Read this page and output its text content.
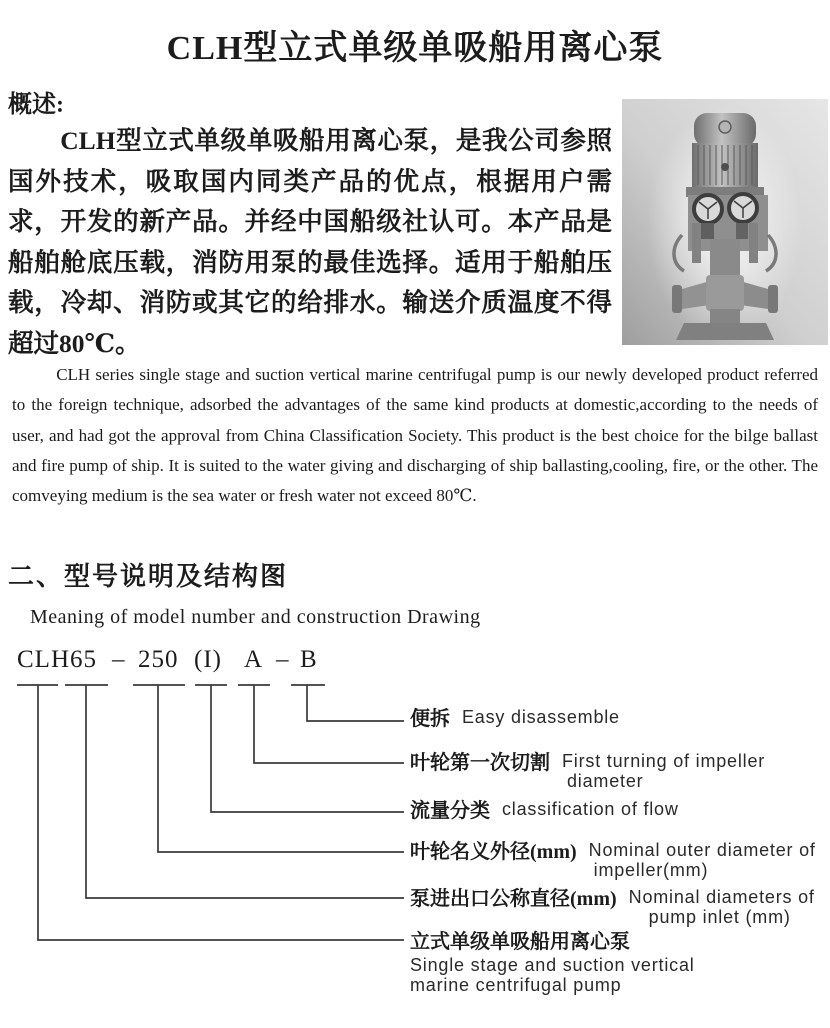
CLH型立式单级单吸船用离心泵
概述:

CLH型立式单级单吸船用离心泵，是我公司参照国外技术，吸取国内同类产品的优点，根据用户需求，开发的新产品。并经中国船级社认可。本产品是船舶舱底压载，消防用泵的最佳选择。适用于船舶压载，冷却、消防或其它的给排水。输送介质温度不得超过80℃。

CLH series single stage and suction vertical marine centrifugal pump is our newly developed product referred to the foreign technique, adsorbed the advantages of the same kind products at domestic,according to the needs of user, and had got the approval from China Classification Society. This product is the best choice for the bilge ballast and fire pump of ship. It is suited to the water giving and discharging of ship ballasting,cooling, fire, or the other. The comveying medium is the sea water or fresh water not exceed 80℃.

二、型号说明及结构图
Meaning of model number and construction Drawing
CLH 65 – 250 (I) A – B
便拆 Easy disassemble
叶轮第一次切割 First turning of impeller
diameter
流量分类 classification of flow
叶轮名义外径(mm) Nominal outer diameter of
impeller(mm)
泵进出口公称直径(mm) Nominal diameters of
pump inlet (mm)
立式单级单吸船用离心泵
Single stage and suction vertical
marine centrifugal pump
